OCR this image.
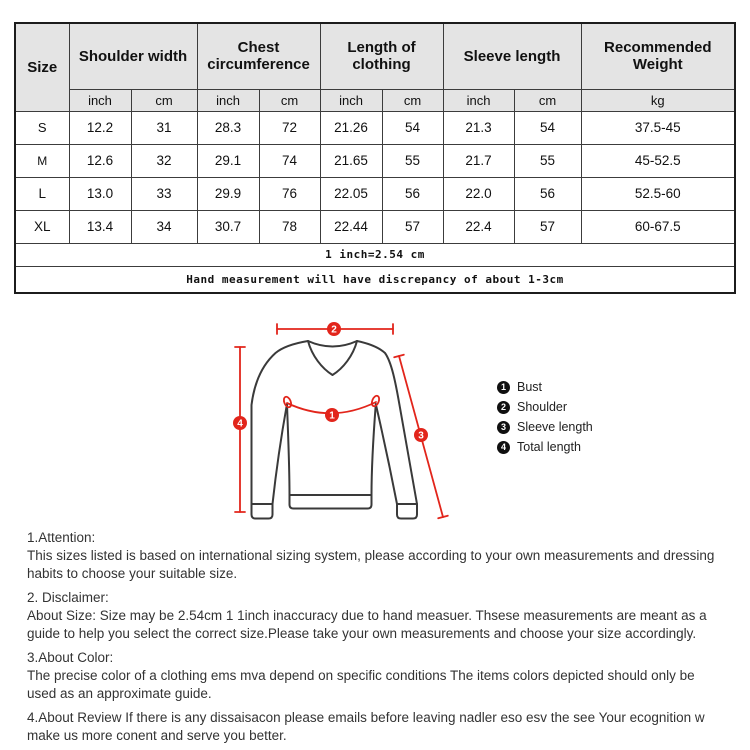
Size	Shoulder width		Chest circumference		Length of clothing		Sleeve length		Recommended Weight
	inch	cm	inch	cm	inch	cm	inch	cm	kg
S	12.2	31	28.3	72	21.26	54	21.3	54	37.5-45
M	12.6	32	29.1	74	21.65	55	21.7	55	45-52.5
L	13.0	33	29.9	76	22.05	56	22.0	56	52.5-60
XL	13.4	34	30.7	78	22.44	57	22.4	57	60-67.5
1 inch=2.54 cm									
Hand measurement will have discrepancy of about 1-3cm									
2
1
3
4
1 Bust
2 Shoulder
3 Sleeve length
4 Total length
1.Attention:
This sizes listed is based on international sizing system, please according to your own measurements and dressing   habits to choose your suitable size.
2. Disclaimer:
About Size: Size may be 2.54cm 1 1inch inaccuracy due to hand measuer. Thsese measurements are meant as a   guide to help you select the correct size.Please take your own measurements and choose your size accordingly.
3.About Color:
The precise color of a clothing ems mva depend on specific conditions The items colors depicted should only be   used as an approximate guide.
4.About Review If there is any dissaisacon please emails before leaving nadler eso esv the see Your ecognition w   make us more conent and serve you better.
